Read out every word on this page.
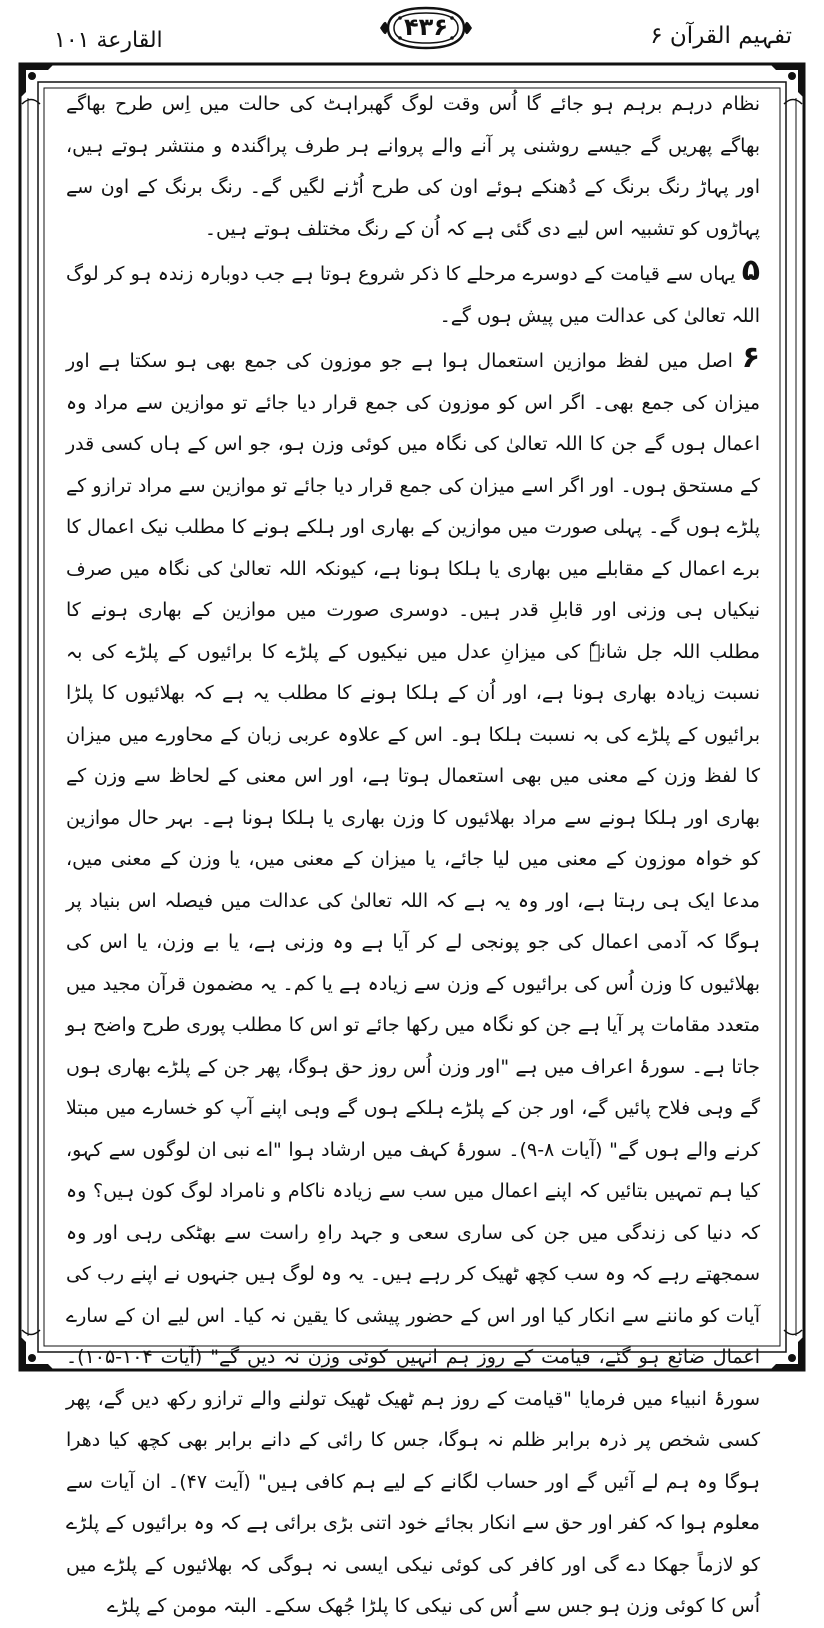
القارعة ۱۰۱	۴۳۶	تفہیم القرآن ۶

نظام درہم برہم ہو جائے گا اُس وقت لوگ گھبراہٹ کی حالت میں اِس طرح بھاگے بھاگے پھریں گے جیسے روشنی پر آنے والے پروانے ہر طرف پراگندہ و منتشر ہوتے ہیں، اور پہاڑ رنگ برنگ کے دُھنکے ہوئے اون کی طرح اُڑنے لگیں گے۔ رنگ برنگ کے اون سے پہاڑوں کو تشبیہ اس لیے دی گئی ہے کہ اُن کے رنگ مختلف ہوتے ہیں۔

۵ یہاں سے قیامت کے دوسرے مرحلے کا ذکر شروع ہوتا ہے جب دوبارہ زندہ ہو کر لوگ اللہ تعالیٰ کی عدالت میں پیش ہوں گے۔

۶ اصل میں لفظ موازین استعمال ہوا ہے جو موزون کی جمع بھی ہو سکتا ہے اور میزان کی جمع بھی۔ اگر اس کو موزون کی جمع قرار دیا جائے تو موازین سے مراد وہ اعمال ہوں گے جن کا اللہ تعالیٰ کی نگاہ میں کوئی وزن ہو، جو اس کے ہاں کسی قدر کے مستحق ہوں۔ اور اگر اسے میزان کی جمع قرار دیا جائے تو موازین سے مراد ترازو کے پلڑے ہوں گے۔ پہلی صورت میں موازین کے بھاری اور ہلکے ہونے کا مطلب نیک اعمال کا برے اعمال کے مقابلے میں بھاری یا ہلکا ہونا ہے، کیونکہ اللہ تعالیٰ کی نگاہ میں صرف نیکیاں ہی وزنی اور قابلِ قدر ہیں۔ دوسری صورت میں موازین کے بھاری ہونے کا مطلب اللہ جل شانہٗ کی میزانِ عدل میں نیکیوں کے پلڑے کا برائیوں کے پلڑے کی بہ نسبت زیادہ بھاری ہونا ہے، اور اُن کے ہلکا ہونے کا مطلب یہ ہے کہ بھلائیوں کا پلڑا برائیوں کے پلڑے کی بہ نسبت ہلکا ہو۔ اس کے علاوہ عربی زبان کے محاورے میں میزان کا لفظ وزن کے معنی میں بھی استعمال ہوتا ہے، اور اس معنی کے لحاظ سے وزن کے بھاری اور ہلکا ہونے سے مراد بھلائیوں کا وزن بھاری یا ہلکا ہونا ہے۔ بہر حال موازین کو خواہ موزون کے معنی میں لیا جائے، یا میزان کے معنی میں، یا وزن کے معنی میں، مدعا ایک ہی رہتا ہے، اور وہ یہ ہے کہ اللہ تعالیٰ کی عدالت میں فیصلہ اس بنیاد پر ہوگا کہ آدمی اعمال کی جو پونجی لے کر آیا ہے وہ وزنی ہے، یا بے وزن، یا اس کی بھلائیوں کا وزن اُس کی برائیوں کے وزن سے زیادہ ہے یا کم۔ یہ مضمون قرآن مجید میں متعدد مقامات پر آیا ہے جن کو نگاہ میں رکھا جائے تو اس کا مطلب پوری طرح واضح ہو جاتا ہے۔ سورۂ اعراف میں ہے "اور وزن اُس روز حق ہوگا، پھر جن کے پلڑے بھاری ہوں گے وہی فلاح پائیں گے، اور جن کے پلڑے ہلکے ہوں گے وہی اپنے آپ کو خسارے میں مبتلا کرنے والے ہوں گے" (آیات ۸-۹)۔ سورۂ کہف میں ارشاد ہوا "اے نبی ان لوگوں سے کہو، کیا ہم تمہیں بتائیں کہ اپنے اعمال میں سب سے زیادہ ناکام و نامراد لوگ کون ہیں؟ وہ کہ دنیا کی زندگی میں جن کی ساری سعی و جہد راہِ راست سے بھٹکی رہی اور وہ سمجھتے رہے کہ وہ سب کچھ ٹھیک کر رہے ہیں۔ یہ وہ لوگ ہیں جنہوں نے اپنے رب کی آیات کو ماننے سے انکار کیا اور اس کے حضور پیشی کا یقین نہ کیا۔ اس لیے ان کے سارے اعمال ضائع ہو گئے، قیامت کے روز ہم انہیں کوئی وزن نہ دیں گے" (آیات ۱۰۴-۱۰۵)۔ سورۂ انبیاء میں فرمایا "قیامت کے روز ہم ٹھیک ٹھیک تولنے والے ترازو رکھ دیں گے، پھر کسی شخص پر ذرہ برابر ظلم نہ ہوگا، جس کا رائی کے دانے برابر بھی کچھ کیا دھرا ہوگا وہ ہم لے آئیں گے اور حساب لگانے کے لیے ہم کافی ہیں" (آیت ۴۷)۔ ان آیات سے معلوم ہوا کہ کفر اور حق سے انکار بجائے خود اتنی بڑی برائی ہے کہ وہ برائیوں کے پلڑے کو لازماً جھکا دے گی اور کافر کی کوئی نیکی ایسی نہ ہوگی کہ بھلائیوں کے پلڑے میں اُس کا کوئی وزن ہو جس سے اُس کی نیکی کا پلڑا جُھک سکے۔ البتہ مومن کے پلڑے
